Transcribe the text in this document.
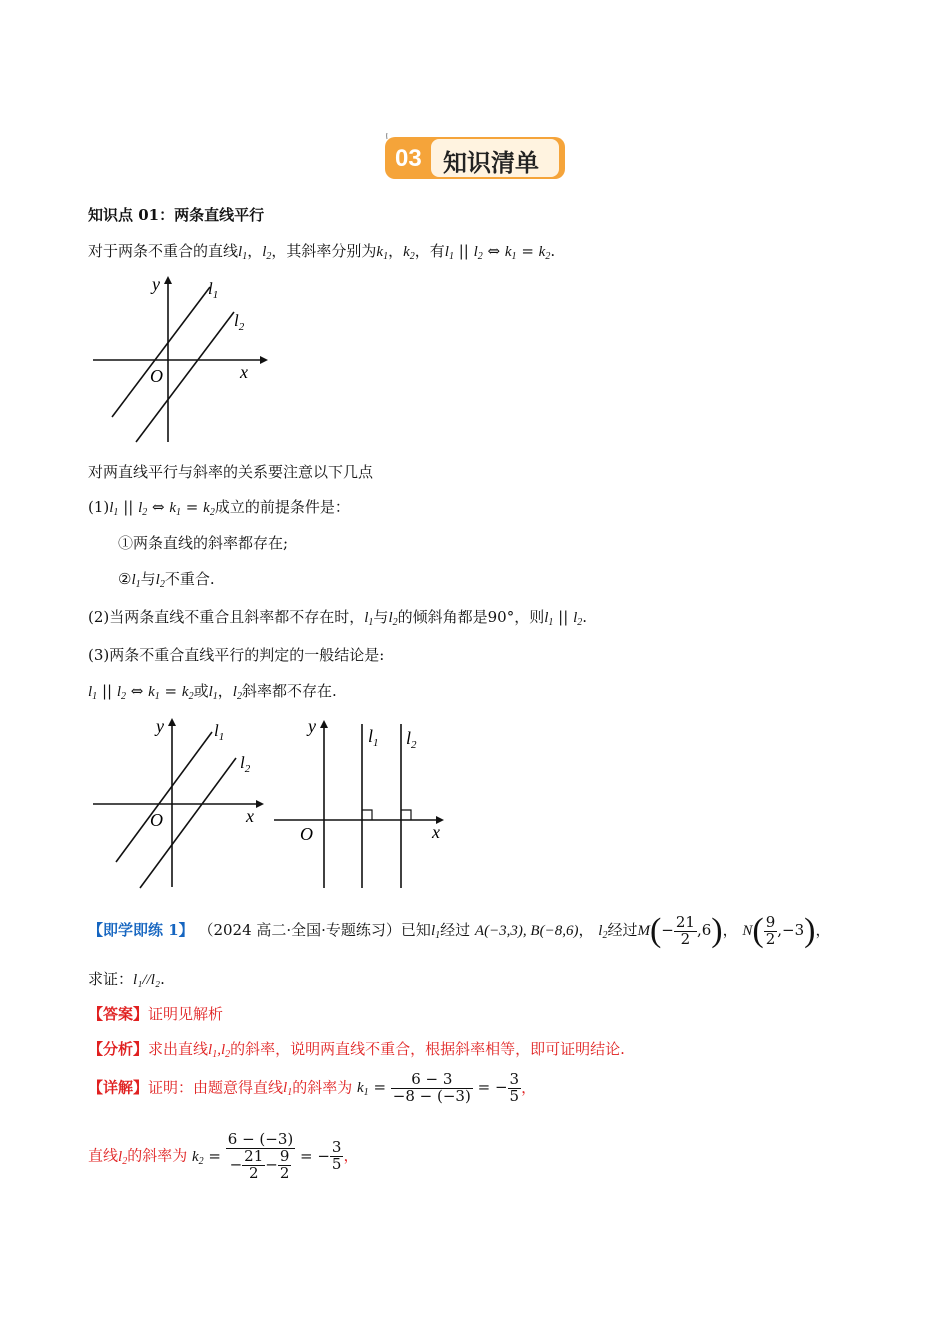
03 知识清单
知识点 01：两条直线平行
对于两条不重合的直线$l_1$，$l_2$，其斜率分别为$k_1$，$k_2$，有$l_1$ || $l_2$ ⇔ $k_1 = k_2$.
O	x
y	$l_1$
$l_2$
对两直线平行与斜率的关系要注意以下几点
$(1)l_1$ || $l_2$ ⇔ $k_1 = k_2$成立的前提条件是：
①两条直线的斜率都存在;
$②l_1$与$l_2$不重合.
(2)当两条直线不重合且斜率都不存在时，$l_1$与$l_2$的倾斜角都是90°，则$l_1$ || $l_2$.
(3)两条不重合直线平行的判定的一般结论是:
$l_1$ || $l_2$ ⇔ $k_1 = k_2$或$l_1$，$l_2$斜率都不存在.
O	x
y	$l_1$
$l_2$
O	x
y	$l_1$ $l_2$
【即学即练 1】 （2024 高二·全国·专题练习）已知$l_1$经过 A(−3,3), B(−8,6)， $l_2$经过$M(- \frac{21}{2} ,6)$， $N( \frac{9}{2} ,-3)$，
求证：l₁//l₂.
【答案】证明见解析
【分析】求出直线$l_1,l_2$的斜率，说明两直线不重合，根据斜率相等，即可证明结论.
【详解】证明：由题意得直线$l_1$的斜率为 $k_1 = \frac{6 - 3}{-8 - (-3)}$ = − $\frac{3}{5}$ ，
直线$l_2$的斜率为 $k_2 = \frac{6 - (-3)}{- \frac{21}{2} - \frac{9}{2}}$ = − $\frac{3}{5}$ ，
